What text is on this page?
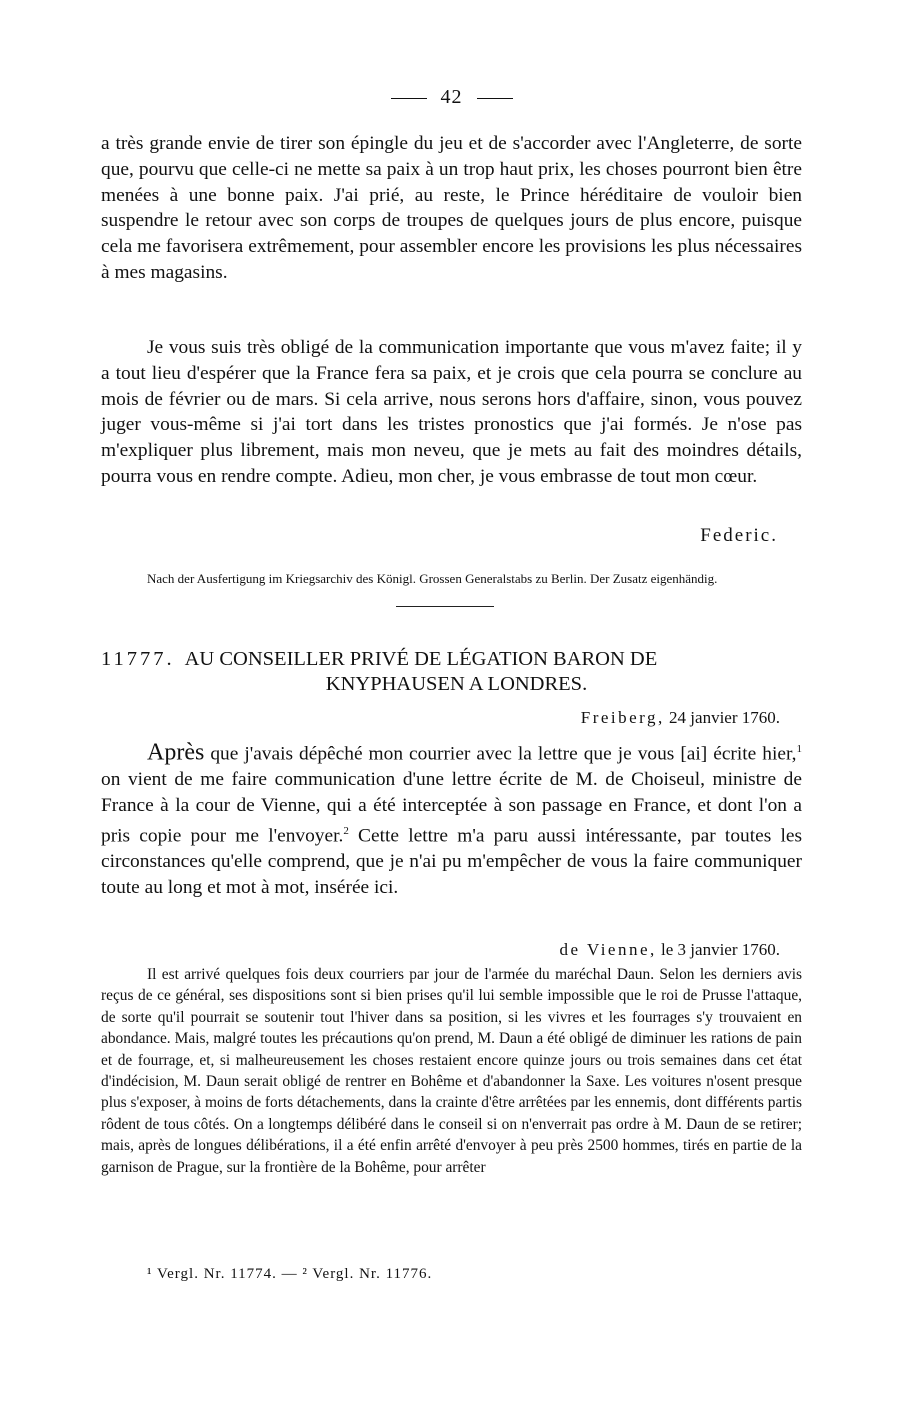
42

a très grande envie de tirer son épingle du jeu et de s'accorder avec l'Angleterre, de sorte que, pourvu que celle-ci ne mette sa paix à un trop haut prix, les choses pourront bien être menées à une bonne paix. J'ai prié, au reste, le Prince héréditaire de vouloir bien suspendre le retour avec son corps de troupes de quelques jours de plus encore, puisque cela me favorisera extrêmement, pour assembler encore les provisions les plus nécessaires à mes magasins.

Je vous suis très obligé de la communication importante que vous m'avez faite; il y a tout lieu d'espérer que la France fera sa paix, et je crois que cela pourra se conclure au mois de février ou de mars. Si cela arrive, nous serons hors d'affaire, sinon, vous pouvez juger vous-même si j'ai tort dans les tristes pronostics que j'ai formés. Je n'ose pas m'expliquer plus librement, mais mon neveu, que je mets au fait des moindres détails, pourra vous en rendre compte. Adieu, mon cher, je vous embrasse de tout mon cœur.

Federic.

Nach der Ausfertigung im Kriegsarchiv des Königl. Grossen Generalstabs zu Berlin. Der Zusatz eigenhändig.

11777. AU CONSEILLER PRIVÉ DE LÉGATION BARON DE
KNYPHAUSEN A LONDRES.
Freiberg, 24 janvier 1760.

Après que j'avais dépêché mon courrier avec la lettre que je vous [ai] écrite hier,$^1$ on vient de me faire communication d'une lettre écrite de M. de Choiseul, ministre de France à la cour de Vienne, qui a été interceptée à son passage en France, et dont l'on a pris copie pour me l'envoyer.$^2$ Cette lettre m'a paru aussi intéressante, par toutes les circonstances qu'elle comprend, que je n'ai pu m'empêcher de vous la faire communiquer toute au long et mot à mot, insérée ici.

de Vienne, le 3 janvier 1760.

Il est arrivé quelques fois deux courriers par jour de l'armée du maréchal Daun. Selon les derniers avis reçus de ce général, ses dispositions sont si bien prises qu'il lui semble impossible que le roi de Prusse l'attaque, de sorte qu'il pourrait se soutenir tout l'hiver dans sa position, si les vivres et les fourrages s'y trouvaient en abondance. Mais, malgré toutes les précautions qu'on prend, M. Daun a été obligé de diminuer les rations de pain et de fourrage, et, si malheureusement les choses restaient encore quinze jours ou trois semaines dans cet état d'indécision, M. Daun serait obligé de rentrer en Bohême et d'abandonner la Saxe. Les voitures n'osent presque plus s'exposer, à moins de forts détachements, dans la crainte d'être arrêtées par les ennemis, dont différents partis rôdent de tous côtés. On a longtemps délibéré dans le conseil si on n'enverrait pas ordre à M. Daun de se retirer; mais, après de longues délibérations, il a été enfin arrêté d'envoyer à peu près 2500 hommes, tirés en partie de la garnison de Prague, sur la frontière de la Bohême, pour arrêter

¹ Vergl. Nr. 11774. — ² Vergl. Nr. 11776.
